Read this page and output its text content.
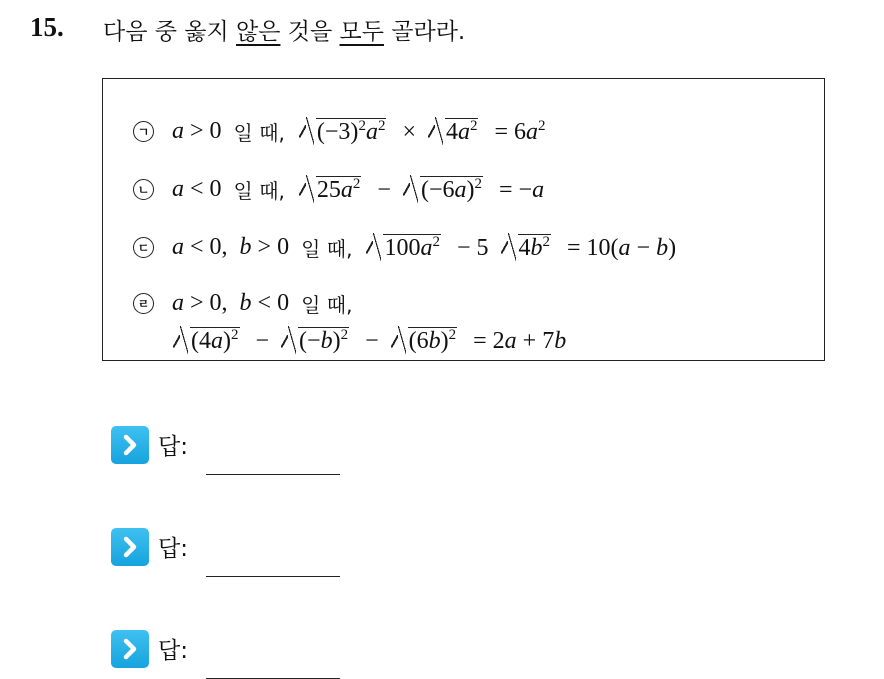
15. 다음 중 옳지 않은 것을 모두 골라라.
ㄱ a > 0 일 때,	$(-3)^2a^2 \times 4a^2 = 6a^2$
ㄴ a < 0 일 때,	$25a^2 - (-6a)^2 = -a$
ㄷ a < 0,  b > 0 일 때,	$100a^2 - 5$  $4b^2 = 10(a - b)$
ㄹ a > 0,  b < 0 일 때,
$(4a)^2 - (-b)^2 - (6b)^2 = 2a + 7b$
답:
답:
답:
